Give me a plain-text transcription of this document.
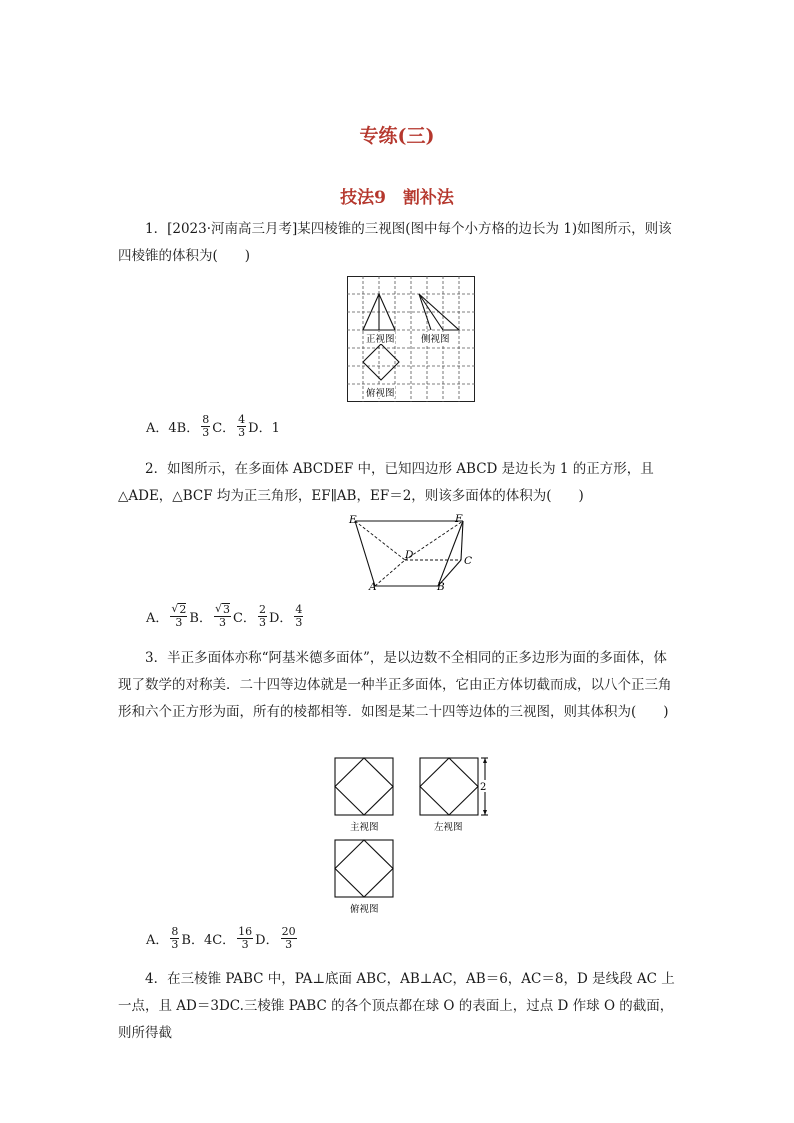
专练(三)
技法9　割补法
1．[2023·河南高三月考]某四棱锥的三视图(图中每个小方格的边长为 1)如图所示，则该四棱锥的体积为(　　)
正视图	侧视图
俯视图
A．4B． $\frac{8}{3}$ C． $\frac{4}{3}$ D．1
2．如图所示，在多面体 ABCDEF 中，已知四边形 ABCD 是边长为 1 的正方形，且△ADE，△BCF 均为正三角形，EF∥AB，EF＝2，则该多面体的体积为(　　)
E	F
D	C
A	B
A． $\frac{√ 2}{3}$ B． $\frac{√ 3}{3}$ C． $\frac{2}{3}$ D． $\frac{4}{3}$
3．半正多面体亦称“阿基米德多面体”，是以边数不全相同的正多边形为面的多面体，体现了数学的对称美．二十四等边体就是一种半正多面体，它由正方体切截而成，以八个正三角形和六个正方形为面，所有的棱都相等．如图是某二十四等边体的三视图，则其体积为(　　)
2
主视图	左视图
俯视图
A． $\frac{8}{3}$ B．4C． $\frac{16}{3}$ D． $\frac{20}{3}$
4．在三棱锥 PABC 中，PA⊥底面 ABC，AB⊥AC，AB＝6，AC＝8，D 是线段 AC 上一点，且 AD＝3DC.三棱锥 PABC 的各个顶点都在球 O 的表面上，过点 D 作球 O 的截面，则所得截
